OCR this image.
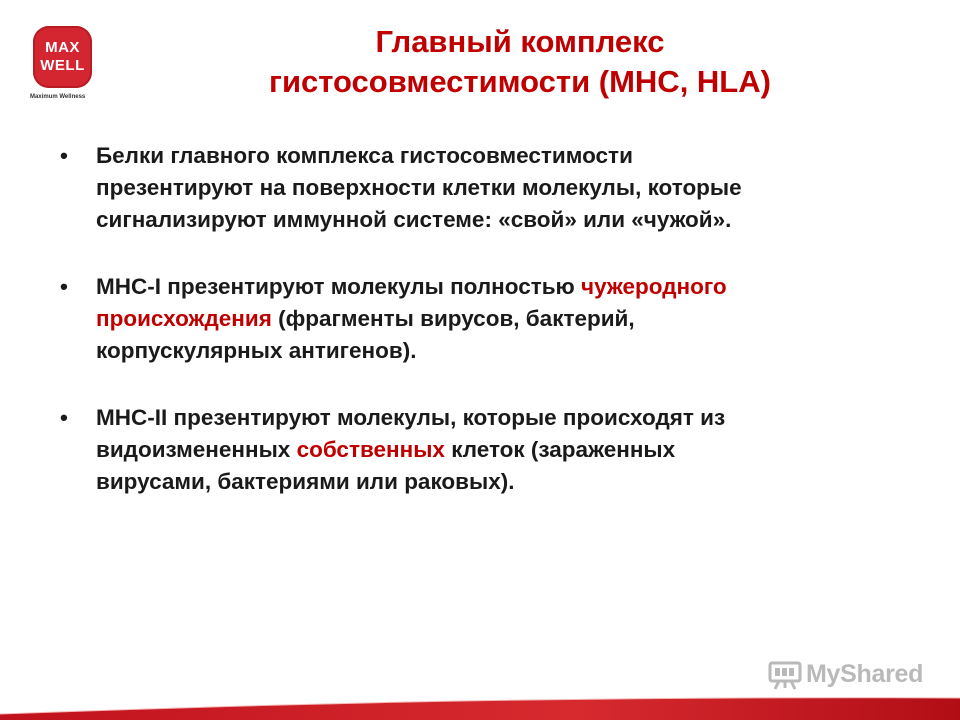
MAX
WELL
Maximum Wellness
Главный комплекс
гистосовместимости (МНС, HLA)
•	Белки главного комплекса гистосовместимости
презентируют на поверхности клетки молекулы, которые
сигнализируют иммунной системе: «свой» или «чужой».
•	МНС-I презентируют молекулы полностью чужеродного
происхождения (фрагменты вирусов, бактерий,
корпускулярных антигенов).
•	МНС-II презентируют молекулы, которые происходят из
видоизмененных собственных клеток (зараженных
вирусами, бактериями или раковых).
MyShared
